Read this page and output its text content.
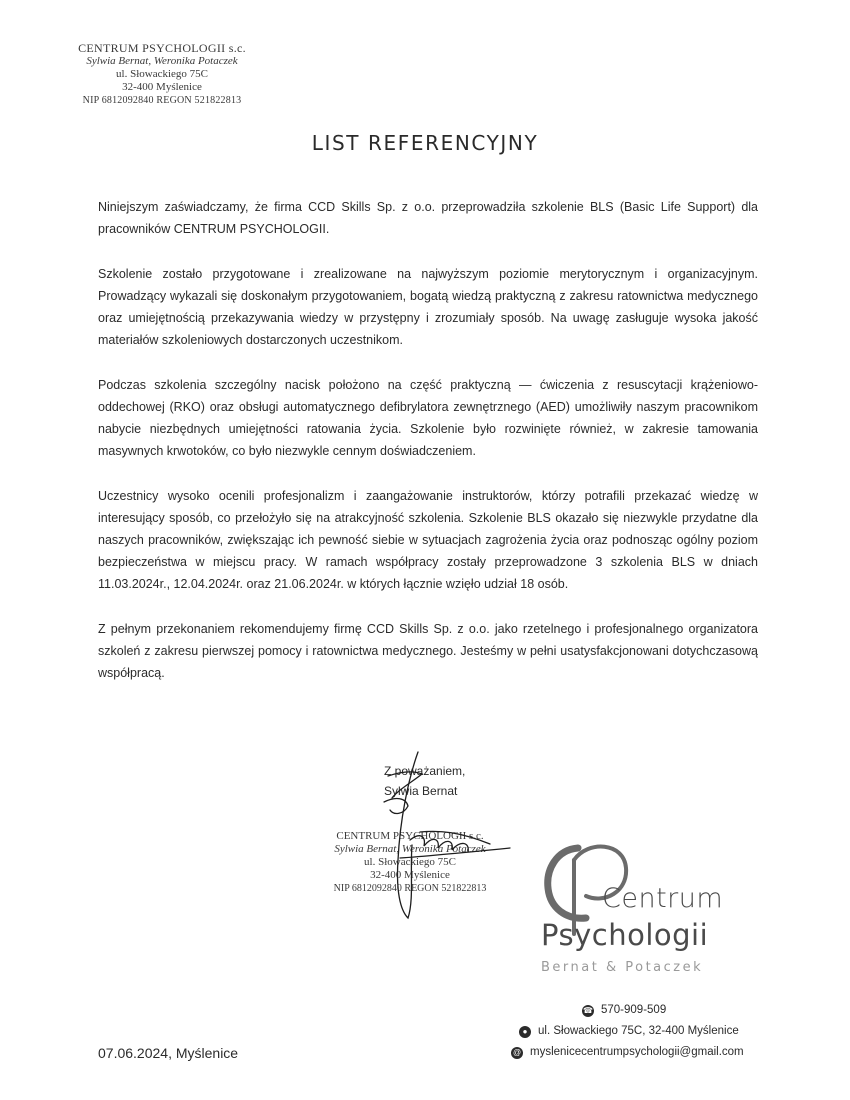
CENTRUM PSYCHOLOGII s.c.
Sylwia Bernat, Weronika Potaczek
ul. Słowackiego 75C
32-400 Myślenice
NIP 6812092840 REGON 521822813
LIST REFERENCYJNY

Niniejszym zaświadczamy, że firma CCD Skills Sp. z o.o. przeprowadziła szkolenie BLS (Basic Life Support) dla pracowników CENTRUM PSYCHOLOGII.

Szkolenie zostało przygotowane i zrealizowane na najwyższym poziomie merytorycznym i organizacyjnym. Prowadzący wykazali się doskonałym przygotowaniem, bogatą wiedzą praktyczną z zakresu ratownictwa medycznego oraz umiejętnością przekazywania wiedzy w przystępny i zrozumiały sposób. Na uwagę zasługuje wysoka jakość materiałów szkoleniowych dostarczonych uczestnikom.

Podczas szkolenia szczególny nacisk położono na część praktyczną — ćwiczenia z resuscytacji krążeniowo-oddechowej (RKO) oraz obsługi automatycznego defibrylatora zewnętrznego (AED) umożliwiły naszym pracownikom nabycie niezbędnych umiejętności ratowania życia. Szkolenie było rozwinięte również, w zakresie tamowania masywnych krwotoków, co było niezwykle cennym doświadczeniem.

Uczestnicy wysoko ocenili profesjonalizm i zaangażowanie instruktorów, którzy potrafili przekazać wiedzę w interesujący sposób, co przełożyło się na atrakcyjność szkolenia. Szkolenie BLS okazało się niezwykle przydatne dla naszych pracowników, zwiększając ich pewność siebie w sytuacjach zagrożenia życia oraz podnosząc ogólny poziom bezpieczeństwa w miejscu pracy. W ramach współpracy zostały przeprowadzone 3 szkolenia BLS w dniach 11.03.2024r., 12.04.2024r. oraz 21.06.2024r. w których łącznie wzięło udział 18 osób.

Z pełnym przekonaniem rekomendujemy firmę CCD Skills Sp. z o.o. jako rzetelnego i profesjonalnego organizatora szkoleń z zakresu pierwszej pomocy i ratownictwa medycznego. Jesteśmy w pełni usatysfakcjonowani dotychczasową współpracą.

Z poważaniem,
Sylwia Bernat
CENTRUM PSYCHOLOGII s.c.
Sylwia Bernat, Weronika Potaczek
ul. Słowackiego 75C
32-400 Myślenice
NIP 6812092840 REGON 521822813	Centrum
Psychologii
Bernat & Potaczek
☎ 570-909-509
● ul. Słowackiego 75C, 32-400 Myślenice
@ myslenicecentrumpsychologii@gmail.com
07.06.2024, Myślenice
